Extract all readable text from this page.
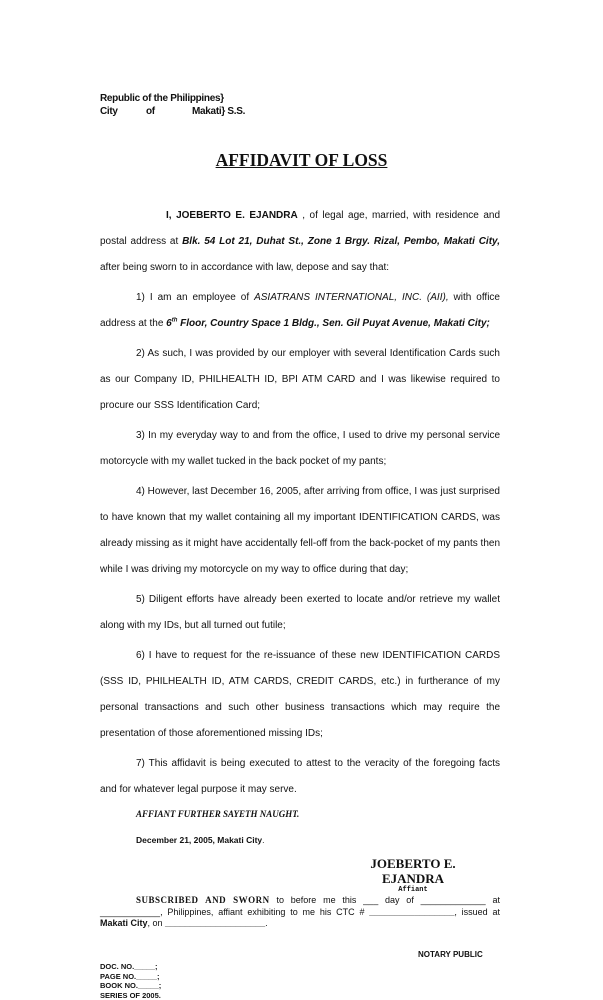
Republic of the Philippines}
City	of	Makati} S.S.
AFFIDAVIT OF LOSS

I, JOEBERTO E. EJANDRA , of legal age, married, with residence and postal address at Blk. 54 Lot 21, Duhat St., Zone 1 Brgy. Rizal, Pembo, Makati City, after being sworn to in accordance with law, depose and say that:

1) I am an employee of ASIATRANS INTERNATIONAL, INC. (AII), with office address at the 6th Floor, Country Space 1 Bldg., Sen. Gil Puyat Avenue, Makati City;

2) As such, I was provided by our employer with several Identification Cards such as our Company ID, PHILHEALTH ID, BPI ATM CARD and I was likewise required to procure our SSS Identification Card;

3) In my everyday way to and from the office, I used to drive my personal service motorcycle with my wallet tucked in the back pocket of my pants;

4) However, last December 16, 2005, after arriving from office, I was just surprised to have known that my wallet containing all my important IDENTIFICATION CARDS, was already missing as it might have accidentally fell-off from the back-pocket of my pants then while I was driving my motorcycle on my way to office during that day;

5) Diligent efforts have already been exerted to locate and/or retrieve my wallet along with my IDs, but all turned out futile;

6) I have to request for the re-issuance of these new IDENTIFICATION CARDS (SSS ID, PHILHEALTH ID, ATM CARDS, CREDIT CARDS, etc.) in furtherance of my personal transactions and such other business transactions which may require the presentation of those aforementioned missing IDs;

7) This affidavit is being executed to attest to the veracity of the foregoing facts and for whatever legal purpose it may serve.

AFFIANT FURTHER SAYETH NAUGHT.
December 21, 2005, Makati City.
JOEBERTO E. EJANDRA
Affiant
SUBSCRIBED AND SWORN to before me this ___ day of _____________ at ____________, Philippines, affiant exhibiting to me his CTC # _________________, issued at Makati City, on ____________________.
NOTARY PUBLIC
DOC. NO._____;
PAGE NO._____;
BOOK NO._____;
SERIES OF 2005.
